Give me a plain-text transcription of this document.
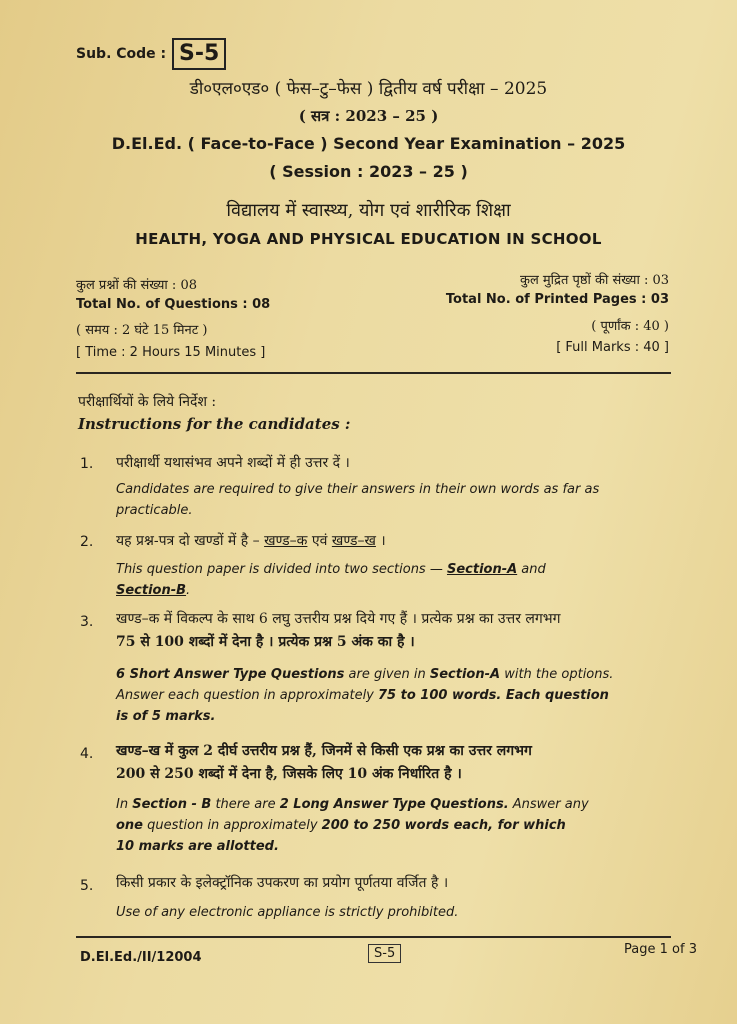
Sub. Code : S-5
डी०एल०एड० ( फेस–टु–फेस ) द्वितीय वर्ष परीक्षा – 2025
( सत्र : 2023 – 25 )
D.El.Ed. ( Face-to-Face ) Second Year Examination – 2025
( Session : 2023 – 25 )
विद्यालय में स्वास्थ्य, योग एवं शारीरिक शिक्षा
HEALTH, YOGA AND PHYSICAL EDUCATION IN SCHOOL
कुल प्रश्नों की संख्या : 08
Total No. of Questions : 08
( समय : 2 घंटे 15 मिनट )
[ Time : 2 Hours 15 Minutes ]
कुल मुद्रित पृष्ठों की संख्या : 03
Total No. of Printed Pages : 03
( पूर्णांक : 40 )
[ Full Marks : 40 ]
परीक्षार्थियों के लिये निर्देश :
Instructions for the candidates :
1. परीक्षार्थी यथासंभव अपने शब्दों में ही उत्तर दें ।
Candidates are required to give their answers in their own words as far as
practicable.
2. यह प्रश्न-पत्र दो खण्डों में है – खण्ड–क एवं खण्ड–ख ।
This question paper is divided into two sections — Section-A and
Section-B.
3. खण्ड–क में विकल्प के साथ 6 लघु उत्तरीय प्रश्न दिये गए हैं । प्रत्येक प्रश्न का उत्तर लगभग
75 से 100 शब्दों में देना है । प्रत्येक प्रश्न 5 अंक का है ।
6 Short Answer Type Questions are given in Section-A with the options.
Answer each question in approximately 75 to 100 words. Each question
is of 5 marks.
4. खण्ड–ख में कुल 2 दीर्घ उत्तरीय प्रश्न हैं, जिनमें से किसी एक प्रश्न का उत्तर लगभग
200 से 250 शब्दों में देना है, जिसके लिए 10 अंक निर्धारित है ।
In Section - B there are 2 Long Answer Type Questions. Answer any
one question in approximately 200 to 250 words each, for which
10 marks are allotted.
5. किसी प्रकार के इलेक्ट्रॉनिक उपकरण का प्रयोग पूर्णतया वर्जित है ।
Use of any electronic appliance is strictly prohibited.
D.El.Ed./II/12004	S-5	Page 1 of 3
